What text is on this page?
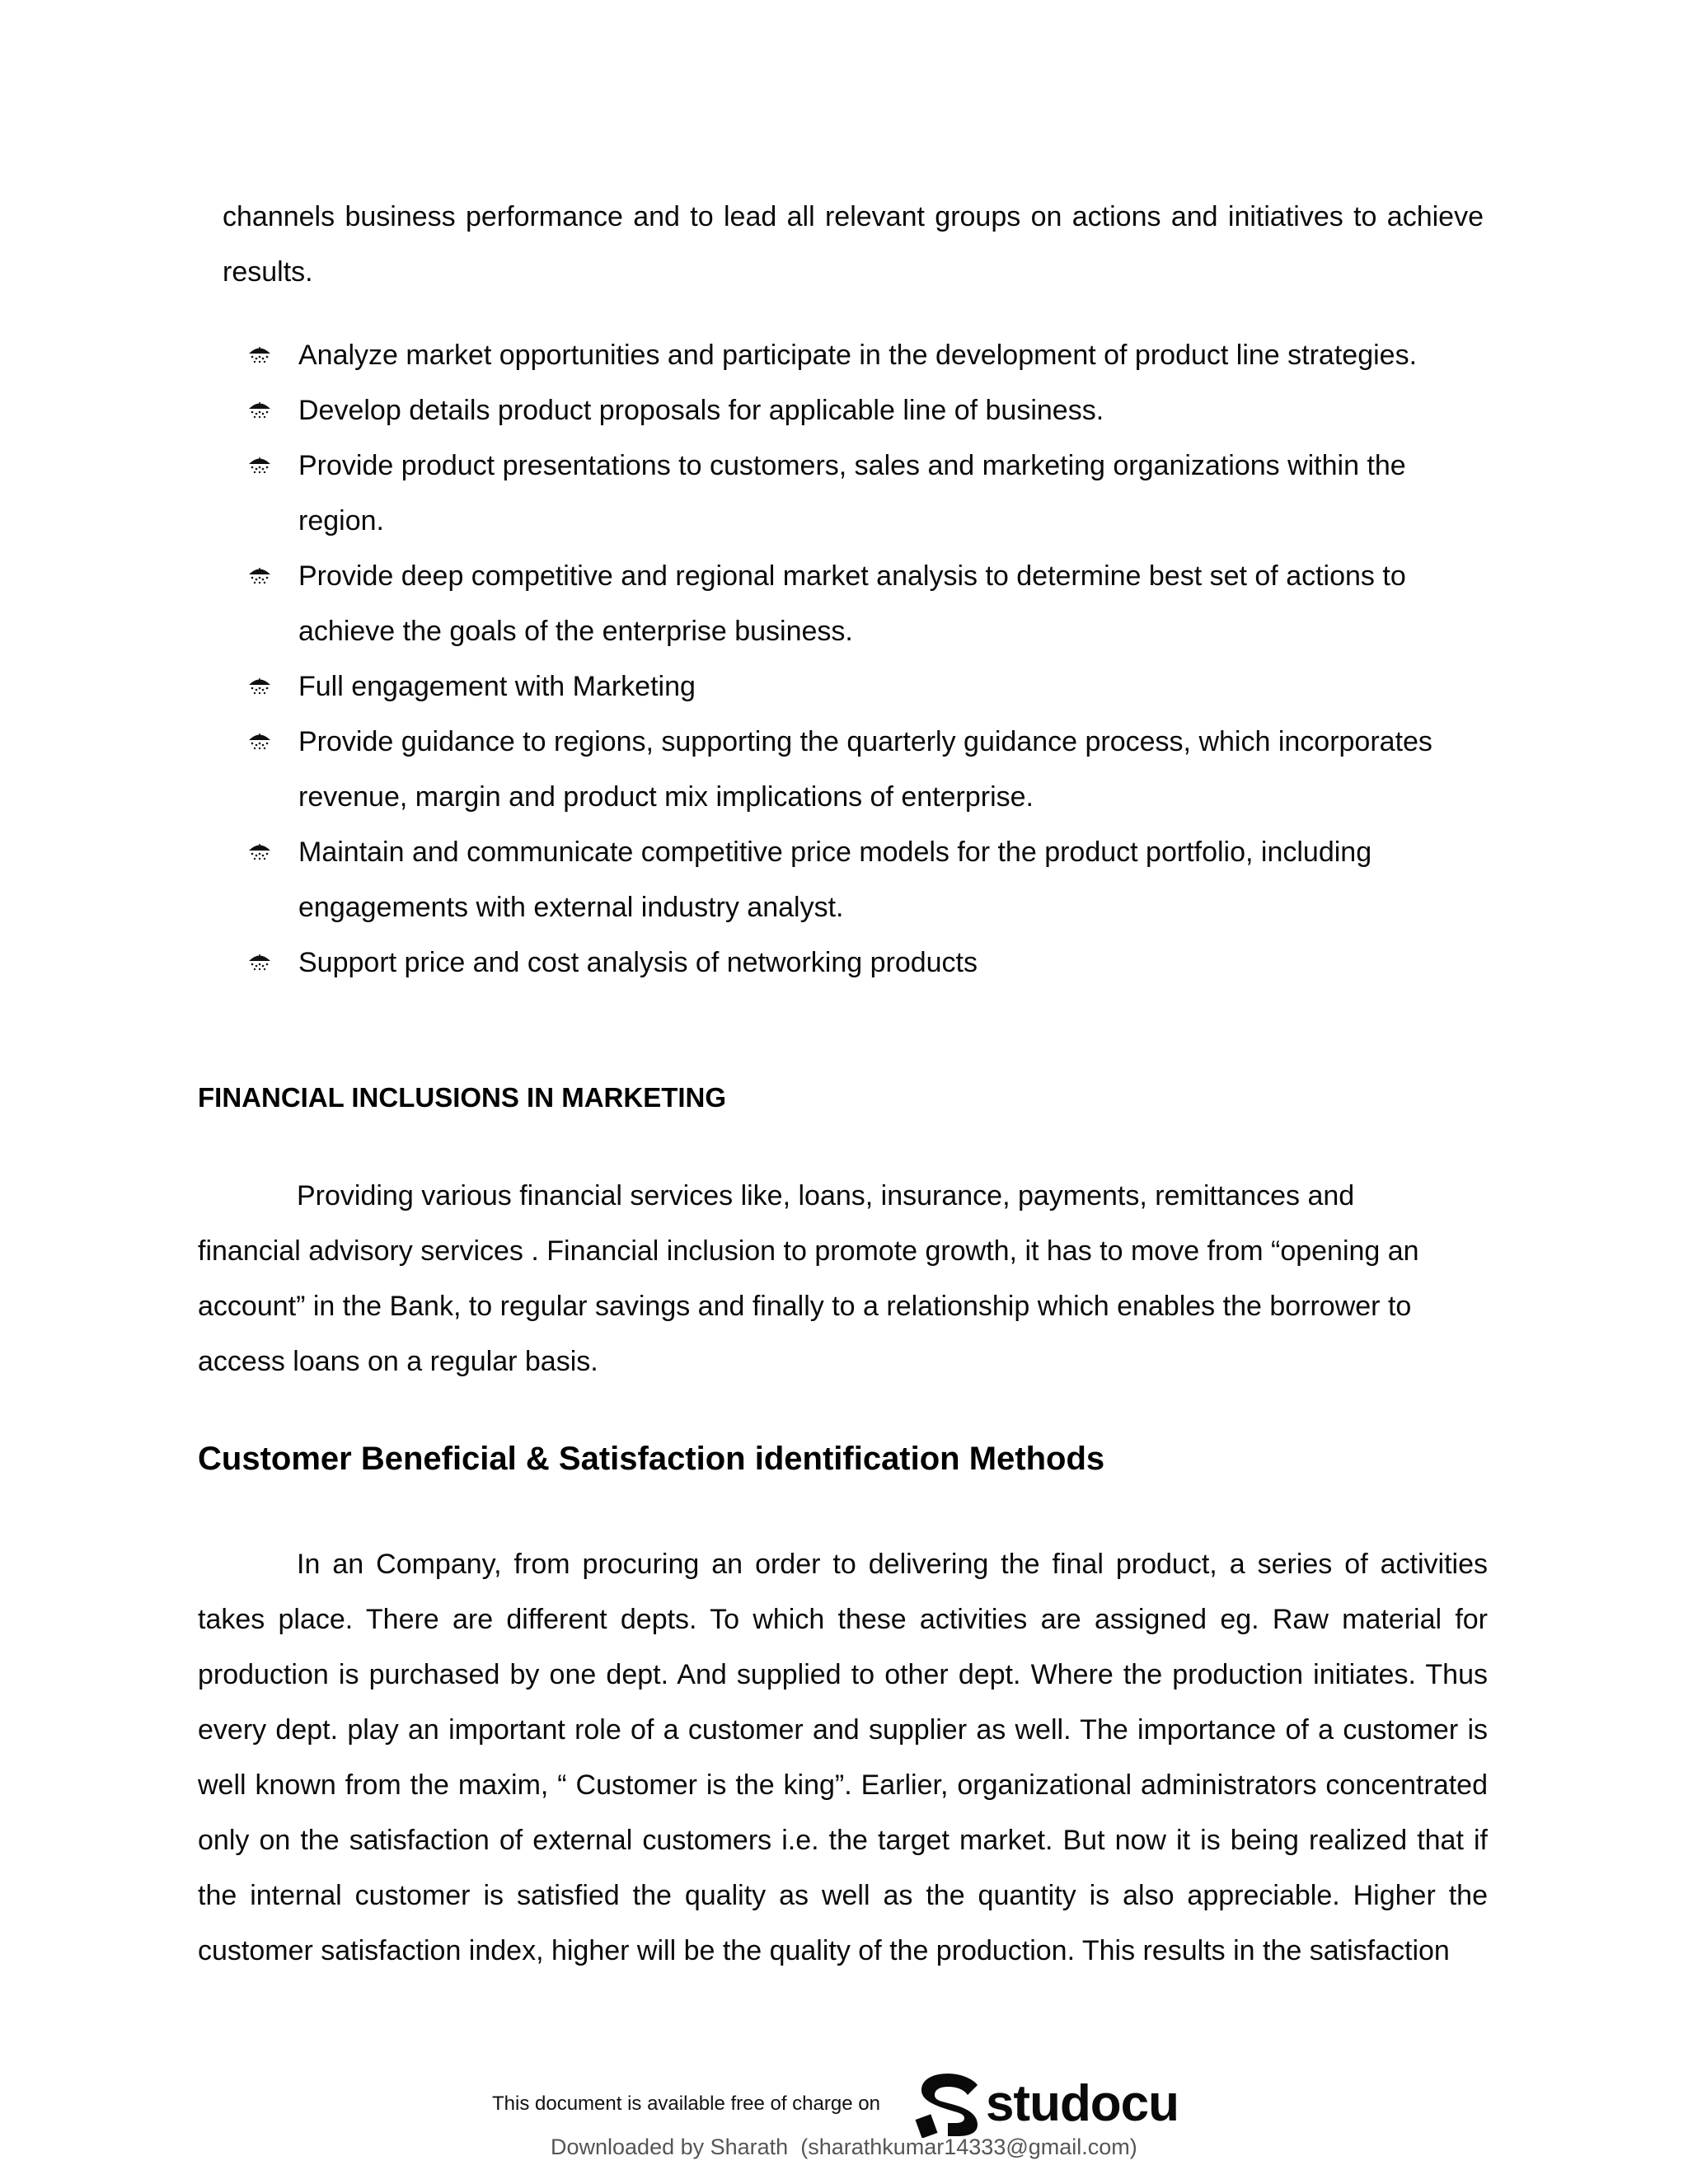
channels business performance and to lead all relevant groups on actions and initiatives to achieve results.

Analyze market opportunities and participate in the development of product line strategies.
Develop details product proposals for applicable line of business.
Provide product presentations to customers, sales and marketing organizations within the region.
Provide deep competitive and regional market analysis to determine best set of actions to achieve the goals of the enterprise business.
Full engagement with Marketing
Provide guidance to regions, supporting the quarterly guidance process, which incorporates revenue, margin and product mix implications of enterprise.
Maintain and communicate competitive price models for the product portfolio, including engagements with external industry analyst.
Support price and cost analysis of networking products
FINANCIAL INCLUSIONS IN MARKETING

Providing various financial services like, loans, insurance, payments, remittances and financial advisory services . Financial inclusion to promote growth, it has to move from “opening an account” in the Bank, to regular savings and finally to a relationship which enables the borrower to access loans on a regular basis.

Customer Beneficial & Satisfaction identification Methods

In an Company, from procuring an order to delivering the final product, a series of activities takes place. There are different depts. To which these activities are assigned eg. Raw material for production is purchased by one dept. And supplied to other dept. Where the production initiates. Thus every dept. play an important role of a customer and supplier as well. The importance of a customer is well known from the maxim, “ Customer is the king”. Earlier, organizational administrators concentrated only on the satisfaction of external customers i.e. the target market. But now it is being realized that if the internal customer is satisfied the quality as well as the quantity is also appreciable. Higher the customer satisfaction index, higher will be the quality of the production. This results in the satisfaction

This document is available free of charge on studocu
Downloaded by Sharath  (sharathkumar14333@gmail.com)
